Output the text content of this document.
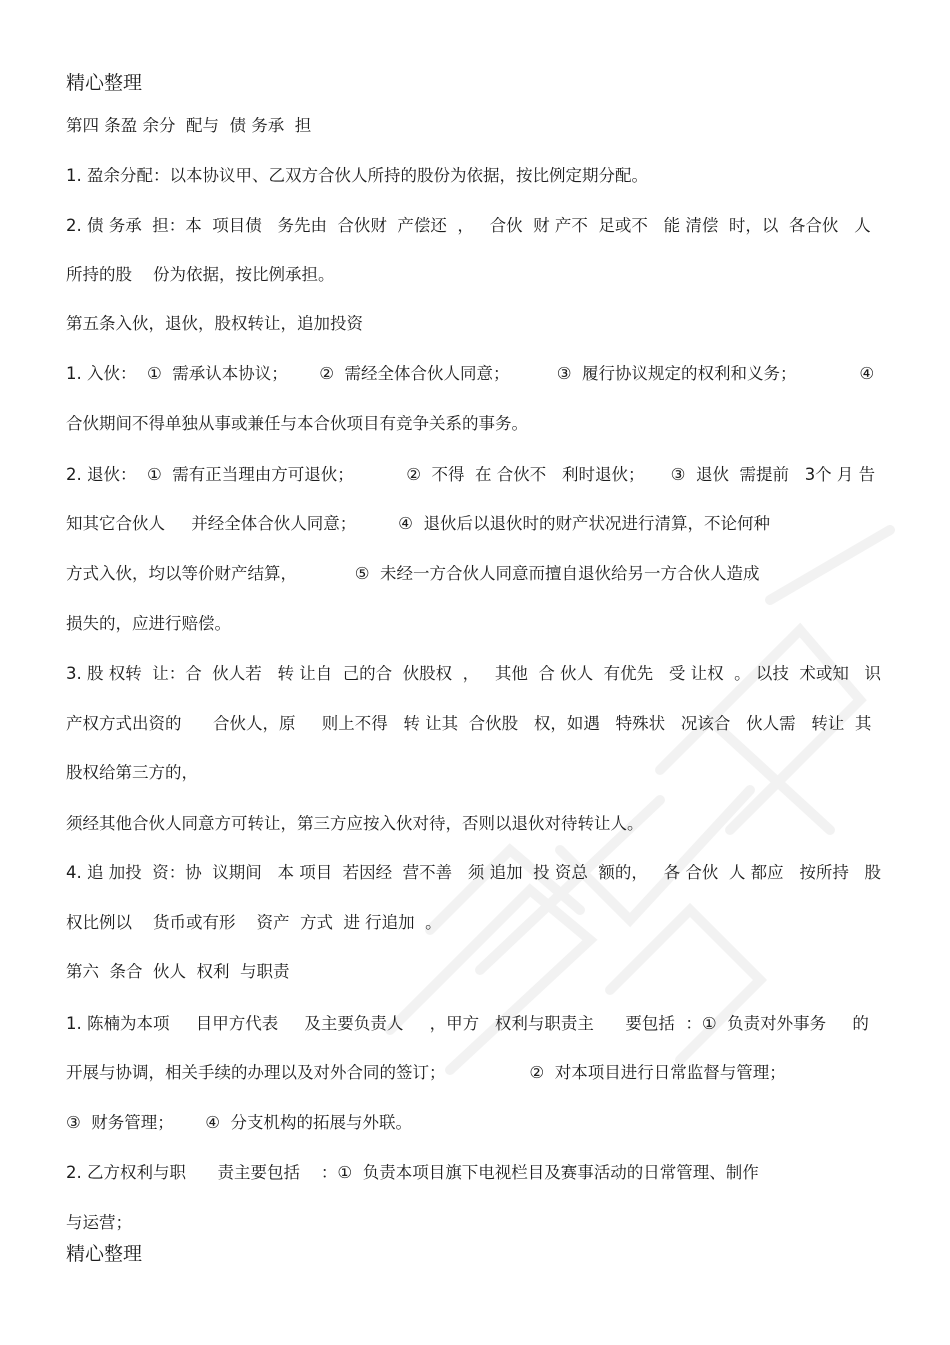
精心整理
第四 条盈 余分  配与  债 务承  担
1. 盈余分配：以本协议甲、乙双方合伙人所持的股份为依据，按比例定期分配。
2. 债 务承  担：本  项目债   务先由  合伙财  产偿还  ，   合伙  财 产不  足或不   能 清偿  时，以  各合伙   人
所持的股    份为依据，按比例承担。
第五条入伙，退伙，股权转让，追加投资
1. 入伙：  ①  需承认本协议；      ②  需经全体合伙人同意；         ③  履行协议规定的权利和义务；            ④
合伙期间不得单独从事或兼任与本合伙项目有竞争关系的事务。
2. 退伙：  ①  需有正当理由方可退伙；          ②  不得  在 合伙不   利时退伙；     ③  退伙  需提前   3个 月 告
知其它合伙人     并经全体合伙人同意；        ④  退伙后以退伙时的财产状况进行清算，不论何种
方式入伙，均以等价财产结算，           ⑤  未经一方合伙人同意而擅自退伙给另一方合伙人造成
损失的，应进行赔偿。
3. 股 权转  让：合  伙人若   转 让自  己的合  伙股权  ，   其他  合 伙人  有优先   受 让权  。 以技  术或知   识
产权方式出资的      合伙人，原     则上不得   转 让其  合伙股   权，如遇   特殊状   况该合   伙人需   转让  其
股权给第三方的，
须经其他合伙人同意方可转让，第三方应按入伙对待，否则以退伙对待转让人。
4. 追 加投  资：协  议期间   本 项目  若因经  营不善   须 追加  投 资总  额的，   各 合伙  人 都应   按所持   股
权比例以    货币或有形    资产  方式  进 行追加  。
第六  条合  伙人  权利  与职责
1. 陈楠为本项     目甲方代表     及主要负责人     ，甲方   权利与职责主      要包括  ：①  负责对外事务     的
开展与协调，相关手续的办理以及对外合同的签订；                ②  对本项目进行日常监督与管理；
③  财务管理；      ④  分支机构的拓展与外联。
2. 乙方权利与职      责主要包括    ：①  负责本项目旗下电视栏目及赛事活动的日常管理、制作
与运营；
精心整理
